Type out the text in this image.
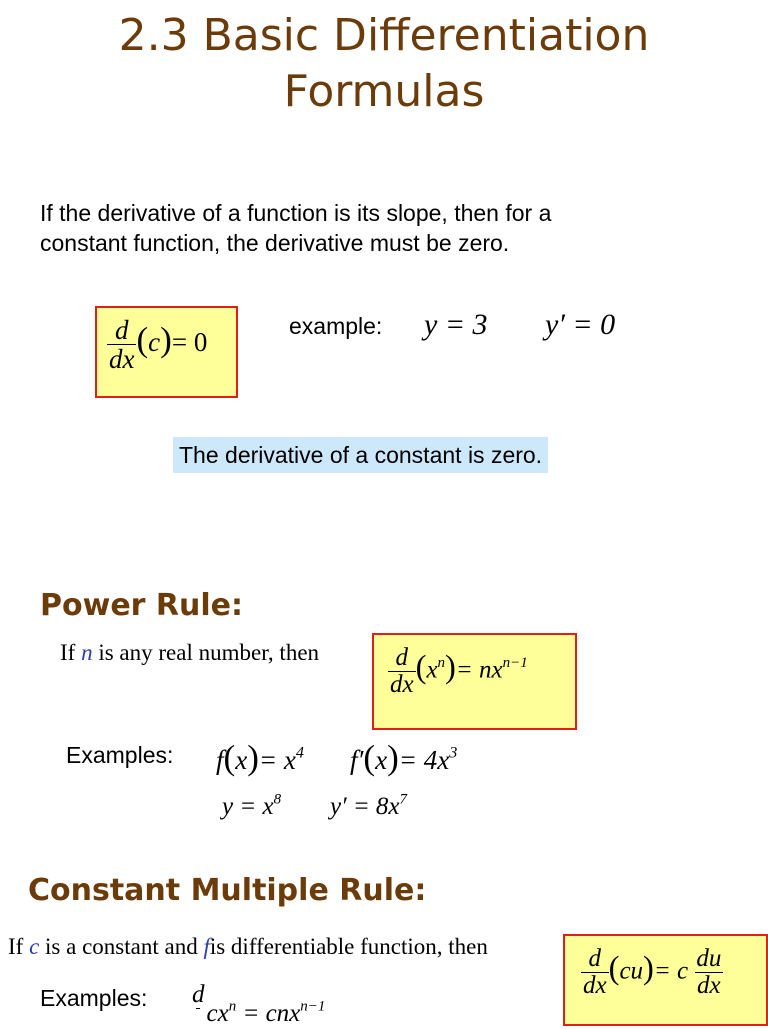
2.3 Basic Differentiation
Formulas
If the derivative of a function is its slope, then for a
constant function, the derivative must be zero.
$\frac{d}{dx} (c)= 0$
example: y = 3 y′ = 0
The derivative of a constant is zero.
Power Rule:
If n is any real number, then	$\frac{d}{dx} (x^n)= nx^{n-1}$
Examples: $f(x)= x^4$ $f'(x)= 4x^3$
$y = x^8$ $y' = 8x^7$
Constant Multiple Rule:
If c is a constant and fis differentiable function, then	$\frac{d}{dx} (cu)= c \frac{du}{dx}$
Examples: d
$cx^n = cnx^{n-1}$
